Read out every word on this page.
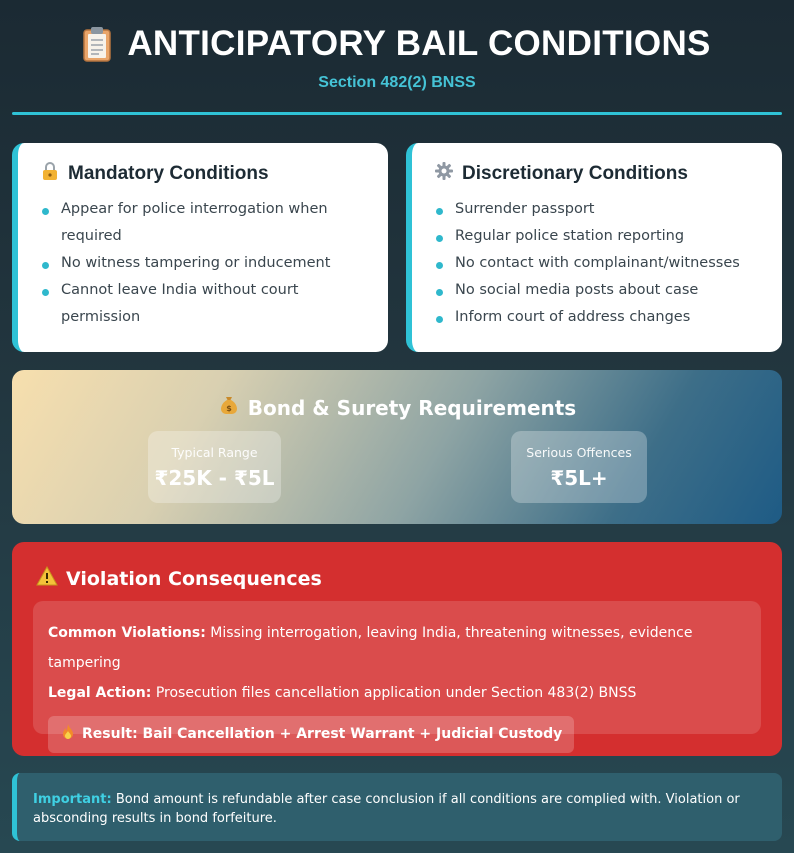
ANTICIPATORY BAIL CONDITIONS
Section 482(2) BNSS
Mandatory Conditions
Appear for police interrogation when required
No witness tampering or inducement
Cannot leave India without court permission
Discretionary Conditions
Surrender passport
Regular police station reporting
No contact with complainant/witnesses
No social media posts about case
Inform court of address changes
$ Bond & Surety Requirements
Typical Range
₹25K - ₹5L
Serious Offences
₹5L+
Violation Consequences
Common Violations: Missing interrogation, leaving India, threatening witnesses, evidence tampering
Legal Action: Prosecution files cancellation application under Section 483(2) BNSS
Result: Bail Cancellation + Arrest Warrant + Judicial Custody
Important: Bond amount is refundable after case conclusion if all conditions are complied with. Violation or absconding results in bond forfeiture.
